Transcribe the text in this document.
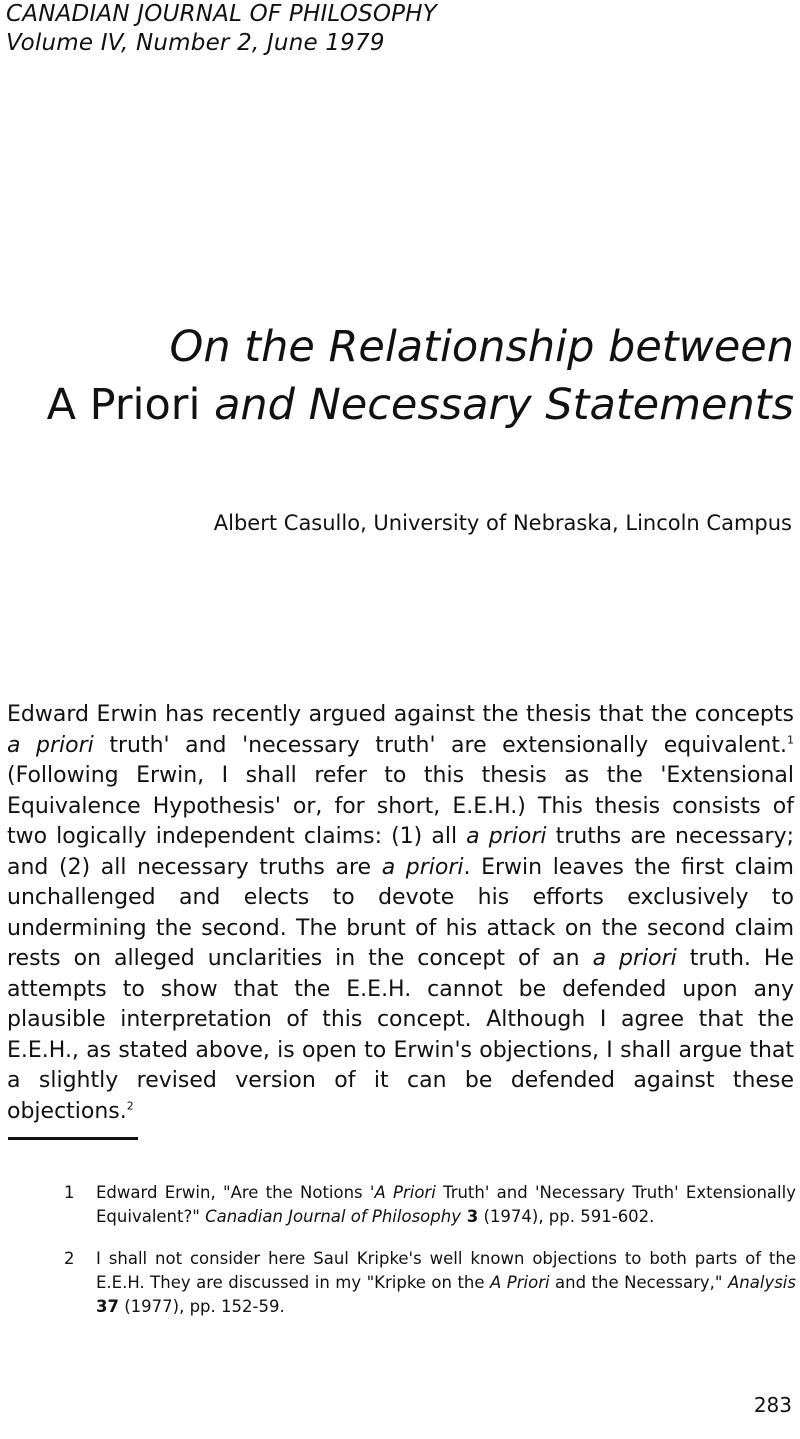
CANADIAN JOURNAL OF PHILOSOPHY
Volume IV, Number 2, June 1979
On the Relationship between
A Priori and Necessary Statements
Albert Casullo, University of Nebraska, Lincoln Campus

Edward Erwin has recently argued against the thesis that the concepts a priori truth' and 'necessary truth' are extensionally equivalent.$^1$ (Following Erwin, I shall refer to this thesis as the 'Extensional Equivalence Hypothesis' or, for short, E.E.H.) This thesis consists of two logically independent claims: (1) all a priori truths are necessary; and (2) all necessary truths are a priori. Erwin leaves the first claim unchallenged and elects to devote his efforts exclusively to undermining the second. The brunt of his attack on the second claim rests on alleged unclarities in the concept of an a priori truth. He attempts to show that the E.E.H. cannot be defended upon any plausible interpretation of this concept. Although I agree that the E.E.H., as stated above, is open to Erwin's objections, I shall argue that a slightly revised version of it can be defended against these objections.$^2$

1	Edward Erwin, "Are the Notions 'A Priori Truth' and 'Necessary Truth' Extensionally Equivalent?" Canadian Journal of Philosophy 3 (1974), pp. 591-602.
2	I shall not consider here Saul Kripke's well known objections to both parts of the E.E.H. They are discussed in my "Kripke on the A Priori and the Necessary," Analysis 37 (1977), pp. 152-59.
283
